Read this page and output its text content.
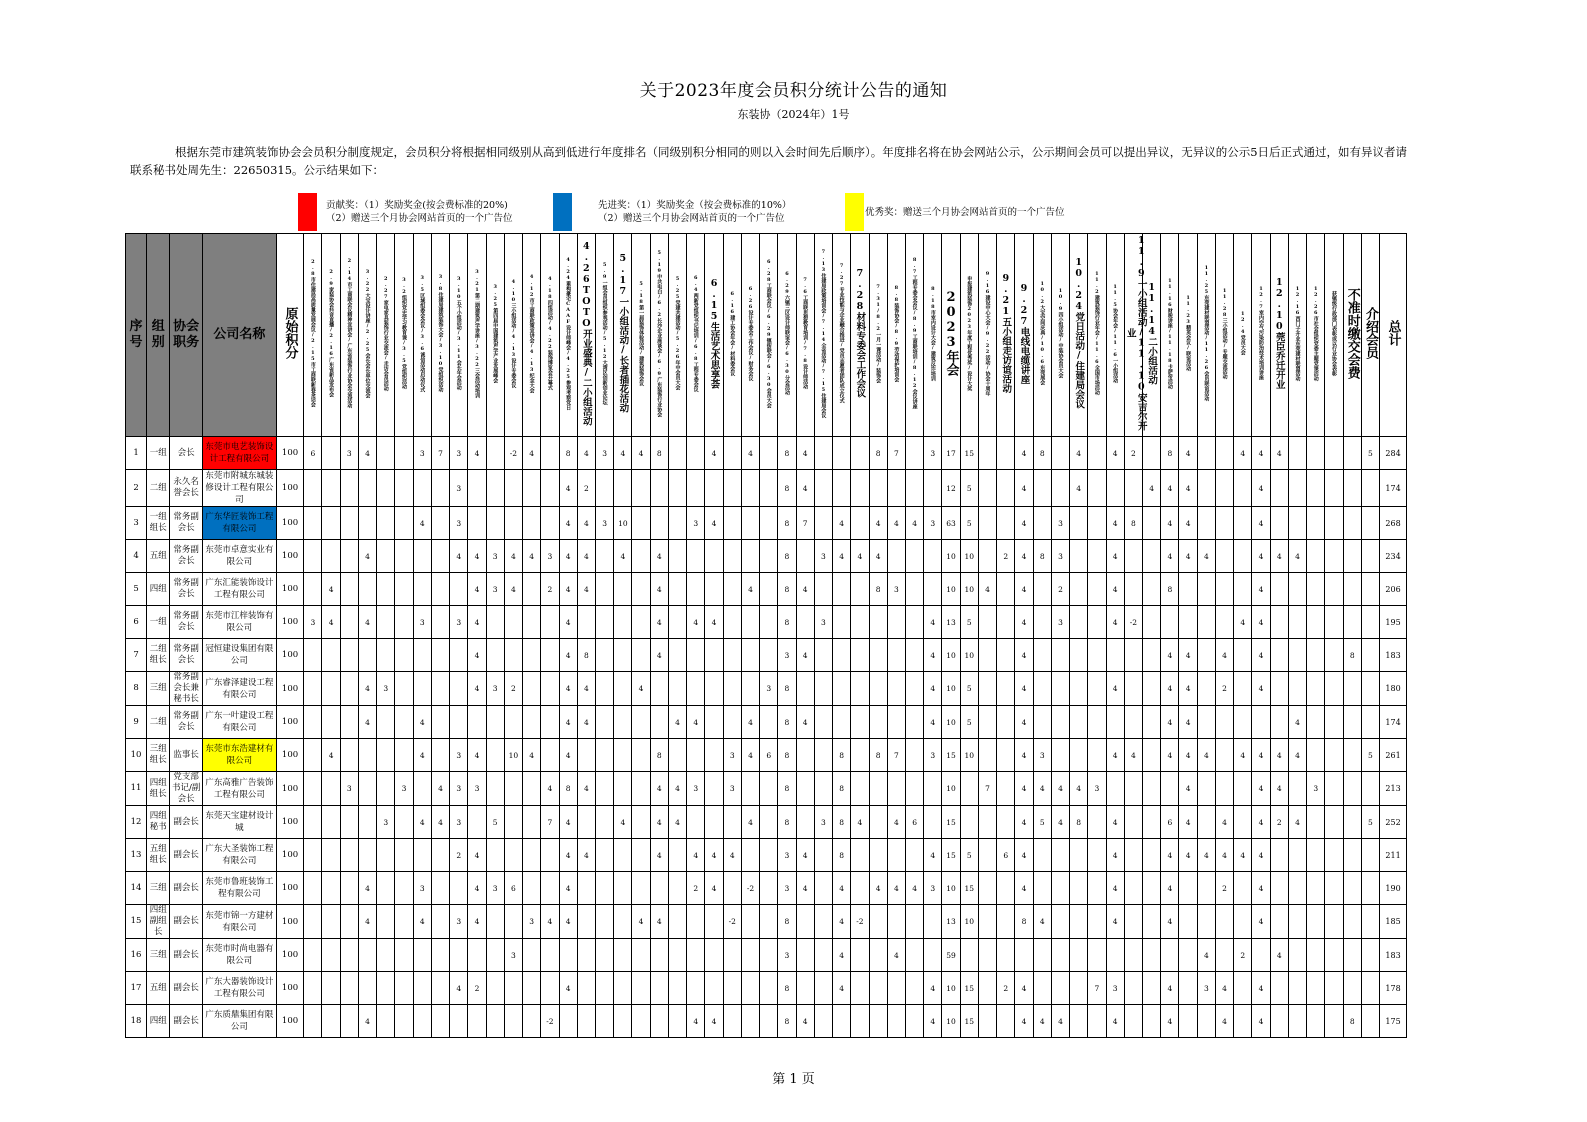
关于2023年度会员积分统计公告的通知
东装协（2024年）1号
根据东莞市建筑装饰协会会员积分制度规定，会员积分将根据相同级别从高到低进行年度排名（同级别积分相同的则以入会时间先后顺序）。年度排名将在协会网站公示，公示期间会员可以提出异议，无异议的公示5日后正式通过，如有异议者请联系秘书处周先生：22650315。公示结果如下：
贡献奖：（1）奖励奖金(按会费标准的20%)
（2）赠送三个月协会网站首页的一个广告位
先进奖：（1）奖励奖金（按会费标准的10%）
（2）赠送三个月协会网站首页的一个广告位
优秀奖：赠送三个月协会网站首页的一个广告位
序号	组别	协会职务	公司名称	原始积分	2.8市住建局高质量发展会议/2.15市工商联新春茶话会	2.9家装协会抖音直播/2.16广东省新品发布会	2.14市工商联会议精神宣讲会/广东省装饰行业协会交流活动	3.22大宝设计讲座/2.25会长会长单位交流会	2.27家电家具装饰行业交流会/走访会员活动	3.2组织党史学习教育课/3.5党组织活动	3.5区域组委会会议/3.6诚信活动启动仪式	3.8住建局建筑装饰大会/3.10党组织活动	3.10五个小组活动/3.11会长年会活动	3.21第二期建筑声学讲座/3.22三会活动培训	3.25第四届中国建筑声学产业发展峰会	4.10三小组活动/4.13设计专委会议	4.12市工商联政策宣讲会/4.13纪念大会	4.18四组活动/4.22装饰博览会开幕式	4.24重构豪宅CAAF设计师峰会/4.25参观考察党日	4.26TOTO开业盛典/二小组活动	5.9一组会员组织参观活动/5.12大湾区创新创业论坛	5.17一小组活动/长者插花活动	5.18第一届装饰体验活动/建筑装饰会议	5.19中共电白/6.2长沙企业座谈会/6.9广东装饰行业协会	5.25党建共建活动/5.26年中会员大会	6.4两新党组织书记培训/6.8工程专委会议	6.15生活艺术思享荟	6.16建工协会年会/材料委会议	6.26设计专委会工作会议/财务会议	6.28工商联会议/6.29镇街联会/6.30会员大会	6.29六镇三区设计师联谊会/6.30分会活动	7.6工商联思想教育培训/7.8设计师活动	7.13住建局政策培训会/7.14全省活动/7.15住建局会议	7.27专业技能与企业融合推进/党员志愿者团队成立仪式	7.28材料专委会工作会议	7.31/8.2一月一课活动/装饰会	8.8装饰协会/8.9劳动保护培训会	8.7工程专委会会议/8.9工商联培训/8.12会议讲座	8.18市室内设计大会/建筑反诈培训	2023年会	申报建筑装饰2023年度工程优秀奖/设计大奖	9.16建设中心大会/9.22活动/协会十周年	9.21五小组走访谊活动	9.27电线电缆讲座	10.2大宝空间庆典/10.6东莞展会	10.9四小组活动/中装协会员大会	10.24党日活动/住建局会议	11.2建筑装饰行业年会/11.6全国市场活动	11.5协会年会/11.6一小组活动	11.9一小组活动/11.10安吉尔开业	11.14二小组活动	11.16财税讲座/11.18卡萨帝活动	11.23精英会议/联谊活动	11.25东莞建材联盟活动/11.26会员联谊活动	11.28三小组活动/专题交流活动	12.4党员大会	12.7室内空气污染防治技术培训讲座	12.10莞臣乔迁开业	12.16西门子开业东莞建材联盟活动	12.26市社会组织党委主题党课活动	获镇级行政部门表彰或以行业协会表彰	不准时缴交会费	介绍会员	总计
1	一组	会长	东莞市电艺装饰设计工程有限公司	100	6		3	4			3	7	3	4		-2	4		8	4	3	4	4	8			4		4		8	4				8	7		3	17	15			4	8		4		4	2		8	4			4	4	4					5	284
2	二组	永久名誉会长	东莞市附城东城装修设计工程有限公司	100									3						4	2											8	4								12	5			4			4				4	4	4				4							174
3	一组组长	常务副会长	广东华匠装饰工程有限公司	100							4		3						4	4	3	10				3	4				8	7		4		4	4	4	3	63	5			4		3			4	8		4	4				4							268
4	五组	常务副会长	东莞市卓意实业有限公司	100				4					4	4	3	4	4	3	4	4		4		4							8		3	4	4	4				10	10		2	4	8	3			4			4	4	4			4	4	4					234
5	四组	常务副会长	广东汇能装饰设计工程有限公司	100		4								4	3	4		2	4	4				4					4		8	4				8	3			10	10	4		4		2			4			8					4							206
6	一组	常务副会长	东莞市江梓装饰有限公司	100	3	4		4			3		3	4					4					4		4	4				8		3						4	13	5			4		3			4	-2						4	4							195
7	二组组长	常务副会长	冠恒建设集团有限公司	100										4					4	8				4							3	4							4	10	10			4								4	4		4		4					8		183
8	三组	常务副会长兼秘书长	广东睿泽建设工程有限公司	100				4	3					4	3	2			4	4			4							3	8								4	10	5			4					4			4	4		2		4							180
9	二组	常务副会长	广东一叶建设工程有限公司	100				4			4								4	4					4	4			4		8	4							4	10	5			4								4	4						4					174
10	三组组长	监事长	东莞市东浩建材有限公司	100		4					4		3	4		10	4		4					8				3	4	6	8			8		8	7		3	15	10			4	3				4	4		4	4	4		4	4	4	4				5	261
11	四组组长	党支部书记/副会长	广东高雅广告装饰工程有限公司	100			3			3		4	3	3				4	8	4				4	4	3		3			8			8						10		7		4	4	4	4	3					4				4	4		3				213
12	四组秘书	副会长	东莞天宝建材设计城	100					3		4	4	3		5			7	4			4		4	4				4		8		3	8	4		4	6		15				4	5	4	8		4			6	4		4		4	2	4				5	252
13	五组组长	副会长	广东大圣装饰工程有限公司	100									2	4					4	4				4		4	4	4			3	4		8					4	15	5		6	4					4			4	4	4	4	4	4							211
14	三组	副会长	东莞市鲁班装饰工程有限公司	100				4			3			4	3	6			4							2	4		-2		3	4		4		4	4	4	3	10	15			4					4			4			2		4							190
15	四组副组长	副会长	东莞市锦一方建材有限公司	100				4			4		3	4			3	4	4				4	4				-2			8			4	-2					13	10			8	4				4			4					4							185
16	三组	副会长	东莞市时尚电器有限公司	100												3															3			4			4			59														4		2		4						183
17	五组	副会长	广东大器装饰设计工程有限公司	100									4	2					4												8			4					4	10	15		2	4				7	3			4		3	4		4							178
18	四组	副会长	广东质鼎集团有限公司	100				4										-2								4	4				8	4							4	10	15			4	4	4			4			4			4		4					8		175
第 1 页
